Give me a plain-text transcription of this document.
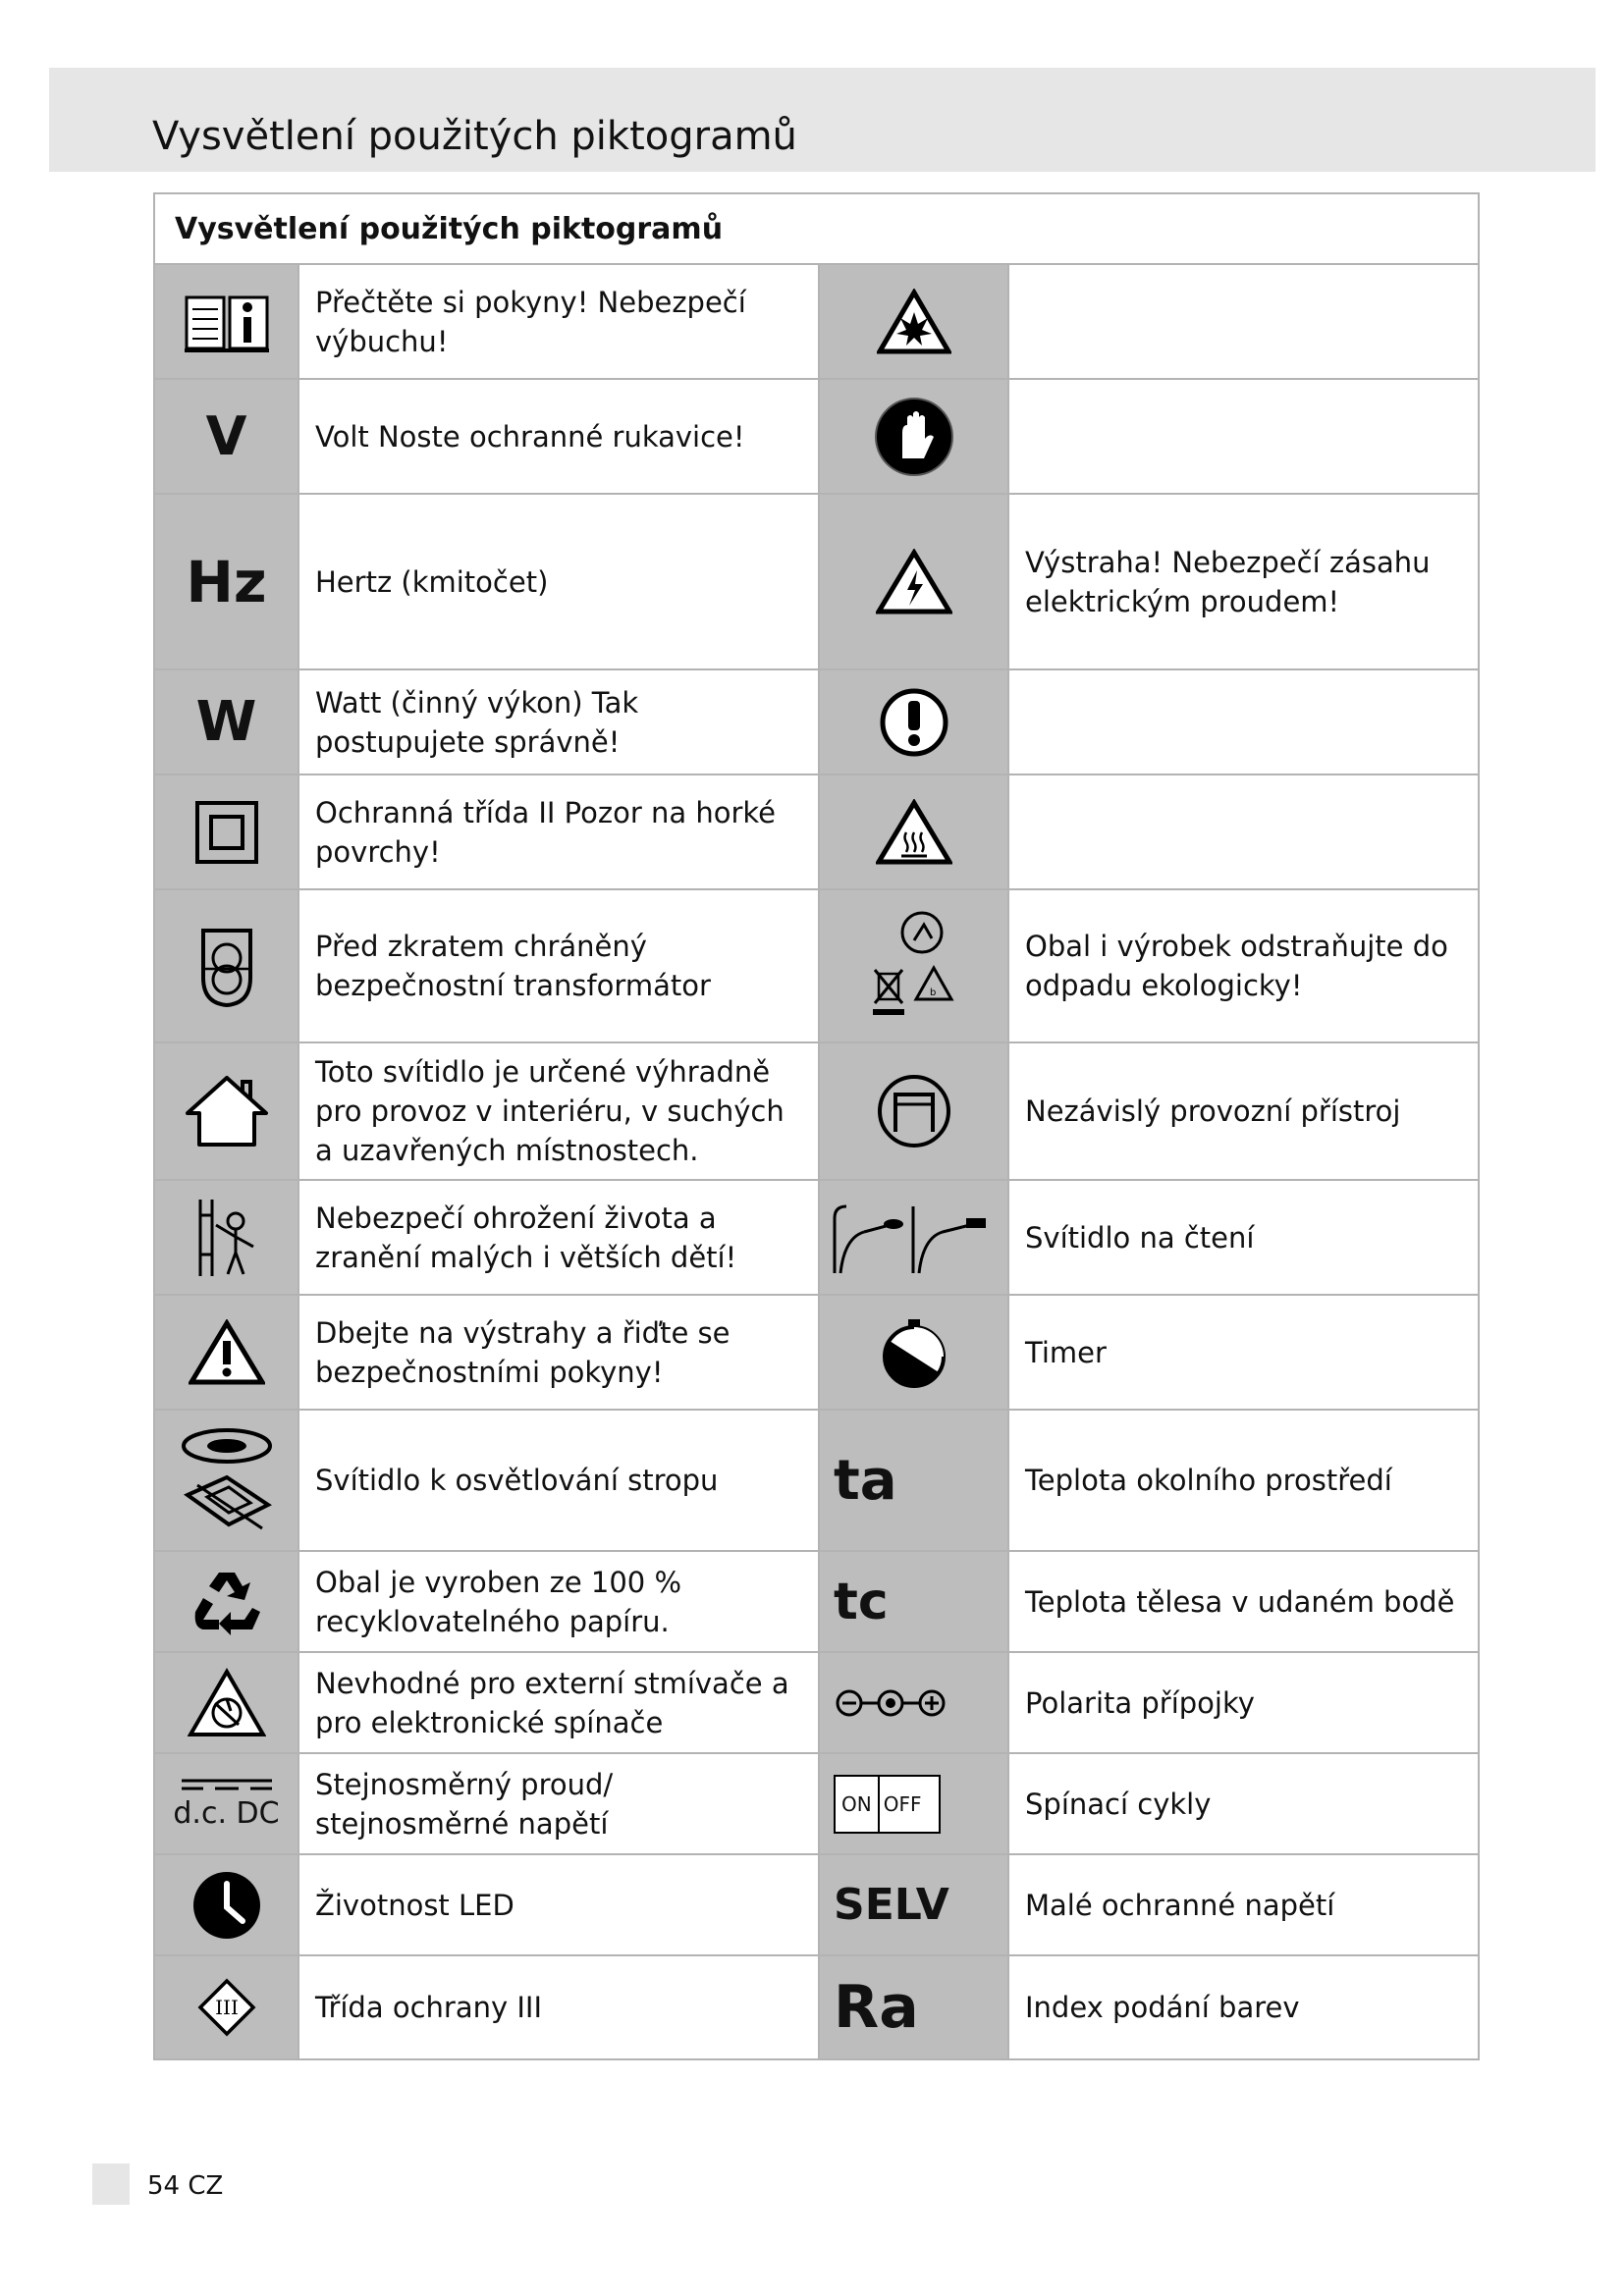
Vysvětlení použitých piktogramů
Vysvětlení použitých piktogramů			
	Přečtěte si pokyny! Nebezpečí výbuchu!		
V	Volt Noste ochranné rukavice!		
Hz	Hertz (kmitočet)		Výstraha! Nebezpečí zásahu elektrickým proudem!
W	Watt (činný výkon) Tak postupujete správně!		
	Ochranná třída II Pozor na horké povrchy!		
	Před zkratem chráněný bezpečnostní transformátor	b	Obal i výrobek odstraňujte do odpadu ekologicky!
	Toto svítidlo je určené výhradně pro provoz v interiéru, v suchých a uzavřených místnostech.		Nezávislý provozní přístroj
	Nebezpečí ohrožení života a zranění malých i větších dětí!		Svítidlo na čtení
	Dbejte na výstrahy a řiďte se bezpečnostními pokyny!		Timer
	Svítidlo k osvětlování stropu	ta	Teplota okolního prostředí
	Obal je vyroben ze 100 % recyklovatelného papíru.	tc	Teplota tělesa v udaném bodě
	Nevhodné pro externí stmívače a pro elektronické spínače		Polarita přípojky

d.c. DC	Stejnosměrný proud/ stejnosměrné napětí	ON OFF	Spínací cykly
	Životnost LED	SELV	Malé ochranné napětí

III	Třída ochrany III	Ra	Index podání barev
54 CZ
